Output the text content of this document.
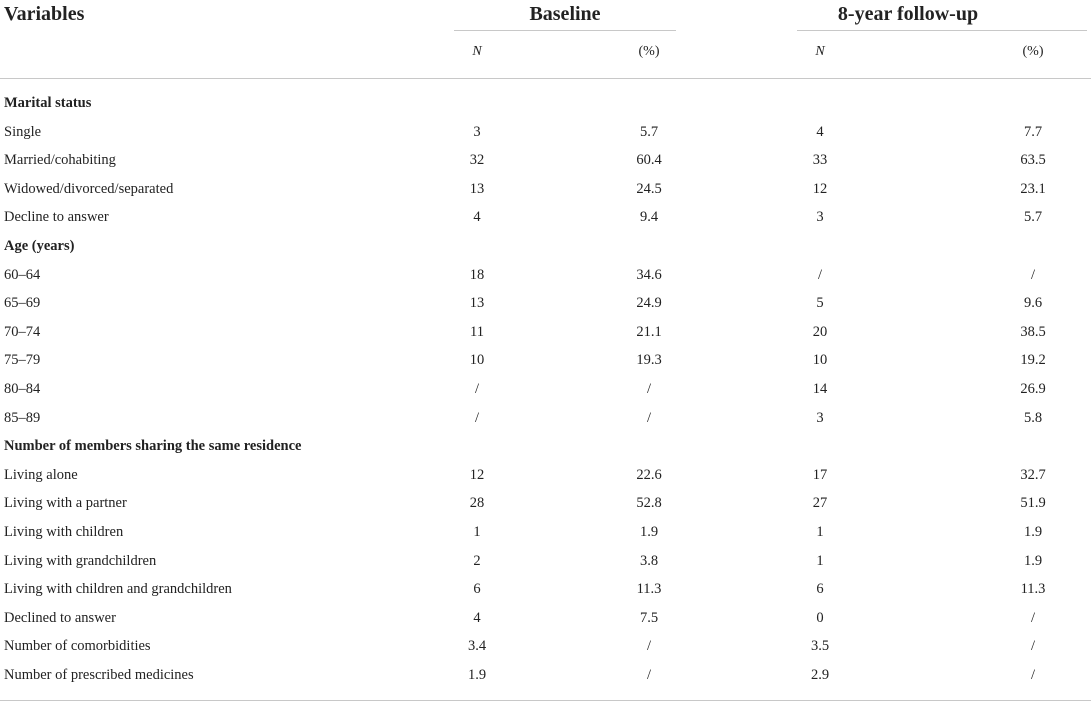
Variables	Baseline	8-year follow-up
N	(%)	N	(%)
Marital status
Single	3	5.7	4	7.7
Married/cohabiting	32	60.4	33	63.5
Widowed/divorced/separated	13	24.5	12	23.1
Decline to answer	4	9.4	3	5.7
Age (years)
60–64	18	34.6	/	/
65–69	13	24.9	5	9.6
70–74	11	21.1	20	38.5
75–79	10	19.3	10	19.2
80–84	/	/	14	26.9
85–89	/	/	3	5.8
Number of members sharing the same residence
Living alone	12	22.6	17	32.7
Living with a partner	28	52.8	27	51.9
Living with children	1	1.9	1	1.9
Living with grandchildren	2	3.8	1	1.9
Living with children and grandchildren	6	11.3	6	11.3
Declined to answer	4	7.5	0	/
Number of comorbidities	3.4	/	3.5	/
Number of prescribed medicines	1.9	/	2.9	/
